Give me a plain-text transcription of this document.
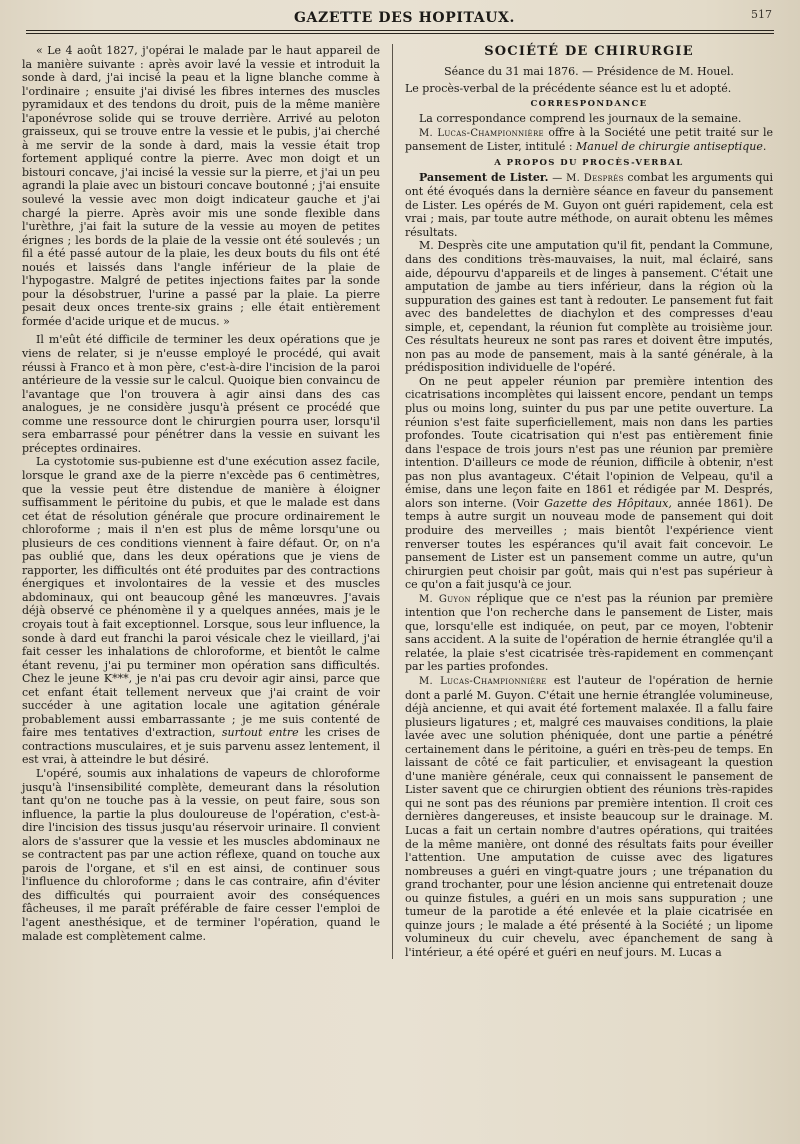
GAZETTE DES HOPITAUX.	517

« Le 4 août 1827, j'opérai le malade par le haut appareil de la manière suivante : après avoir lavé la vessie et introduit la sonde à dard, j'ai incisé la peau et la ligne blanche comme à l'ordinaire ; ensuite j'ai divisé les fibres internes des muscles pyramidaux et des tendons du droit, puis de la même manière l'aponévrose solide qui se trouve derrière. Arrivé au peloton graisseux, qui se trouve entre la vessie et le pubis, j'ai cherché à me servir de la sonde à dard, mais la vessie était trop fortement appliqué contre la pierre. Avec mon doigt et un bistouri concave, j'ai incisé la vessie sur la pierre, et j'ai un peu agrandi la plaie avec un bistouri concave boutonné ; j'ai ensuite soulevé la vessie avec mon doigt indicateur gauche et j'ai chargé la pierre. Après avoir mis une sonde flexible dans l'urèthre, j'ai fait la suture de la vessie au moyen de petites érignes ; les bords de la plaie de la vessie ont été soulevés ; un fil a été passé autour de la plaie, les deux bouts du fils ont été noués et laissés dans l'angle inférieur de la plaie de l'hypogastre. Malgré de petites injections faites par la sonde pour la désobstruer, l'urine a passé par la plaie. La pierre pesait deux onces trente-six grains ; elle était entièrement formée d'acide urique et de mucus. »

Il m'eût été difficile de terminer les deux opérations que je viens de relater, si je n'eusse employé le procédé, qui avait réussi à Franco et à mon père, c'est-à-dire l'incision de la paroi antérieure de la vessie sur le calcul. Quoique bien convaincu de l'avantage que l'on trouvera à agir ainsi dans des cas analogues, je ne considère jusqu'à présent ce procédé que comme une ressource dont le chirurgien pourra user, lorsqu'il sera embarrassé pour pénétrer dans la vessie en suivant les préceptes ordinaires.

La cystotomie sus-pubienne est d'une exécution assez facile, lorsque le grand axe de la pierre n'excède pas 6 centimètres, que la vessie peut être distendue de manière à éloigner suffisamment le péritoine du pubis, et que le malade est dans cet état de résolution générale que procure ordinairement le chloroforme ; mais il n'en est plus de même lorsqu'une ou plusieurs de ces conditions viennent à faire défaut. Or, on n'a pas oublié que, dans les deux opérations que je viens de rapporter, les difficultés ont été produites par des contractions énergiques et involontaires de la vessie et des muscles abdominaux, qui ont beaucoup gêné les manœuvres. J'avais déjà observé ce phénomène il y a quelques années, mais je le croyais tout à fait exceptionnel. Lorsque, sous leur influence, la sonde à dard eut franchi la paroi vésicale chez le vieillard, j'ai fait cesser les inhalations de chloroforme, et bientôt le calme étant revenu, j'ai pu terminer mon opération sans difficultés. Chez le jeune K***, je n'ai pas cru devoir agir ainsi, parce que cet enfant était tellement nerveux que j'ai craint de voir succéder à une agitation locale une agitation générale probablement aussi embarrassante ; je me suis contenté de faire mes tentatives d'extraction, surtout entre les crises de contractions musculaires, et je suis parvenu assez lentement, il est vrai, à atteindre le but désiré.

L'opéré, soumis aux inhalations de vapeurs de chloroforme jusqu'à l'insensibilité complète, demeurant dans la résolution tant qu'on ne touche pas à la vessie, on peut faire, sous son influence, la partie la plus douloureuse de l'opération, c'est-à-dire l'incision des tissus jusqu'au réservoir urinaire. Il convient alors de s'assurer que la vessie et les muscles abdominaux ne se contractent pas par une action réflexe, quand on touche aux parois de l'organe, et s'il en est ainsi, de continuer sous l'influence du chloroforme ; dans le cas contraire, afin d'éviter des difficultés qui pourraient avoir des conséquences fâcheuses, il me paraît préférable de faire cesser l'emploi de l'agent anesthésique, et de terminer l'opération, quand le malade est complètement calme.

SOCIÉTÉ DE CHIRURGIE
Séance du 31 mai 1876. — Présidence de M. Houel.

Le procès-verbal de la précédente séance est lu et adopté.

CORRESPONDANCE

La correspondance comprend les journaux de la semaine.

M. Lucas-Championnière offre à la Société une petit traité sur le pansement de Lister, intitulé : Manuel de chirurgie antiseptique.

A PROPOS DU PROCÈS-VERBAL

Pansement de Lister. — M. Desprès combat les arguments qui ont été évoqués dans la dernière séance en faveur du pansement de Lister. Les opérés de M. Guyon ont guéri rapidement, cela est vrai ; mais, par toute autre méthode, on aurait obtenu les mêmes résultats.

M. Desprès cite une amputation qu'il fit, pendant la Commune, dans des conditions très-mauvaises, la nuit, mal éclairé, sans aide, dépourvu d'appareils et de linges à pansement. C'était une amputation de jambe au tiers inférieur, dans la région où la suppuration des gaines est tant à redouter. Le pansement fut fait avec des bandelettes de diachylon et des compresses d'eau simple, et, cependant, la réunion fut complète au troisième jour. Ces résultats heureux ne sont pas rares et doivent être imputés, non pas au mode de pansement, mais à la santé générale, à la prédisposition individuelle de l'opéré.

On ne peut appeler réunion par première intention des cicatrisations incomplètes qui laissent encore, pendant un temps plus ou moins long, suinter du pus par une petite ouverture. La réunion s'est faite superficiellement, mais non dans les parties profondes. Toute cicatrisation qui n'est pas entièrement finie dans l'espace de trois jours n'est pas une réunion par première intention. D'ailleurs ce mode de réunion, difficile à obtenir, n'est pas non plus avantageux. C'était l'opinion de Velpeau, qu'il a émise, dans une leçon faite en 1861 et rédigée par M. Després, alors son interne. (Voir Gazette des Hôpitaux, année 1861). De temps à autre surgit un nouveau mode de pansement qui doit produire des merveilles ; mais bientôt l'expérience vient renverser toutes les espérances qu'il avait fait concevoir. Le pansement de Lister est un pansement comme un autre, qu'un chirurgien peut choisir par goût, mais qui n'est pas supérieur à ce qu'on a fait jusqu'à ce jour.

M. Guyon réplique que ce n'est pas la réunion par première intention que l'on recherche dans le pansement de Lister, mais que, lorsqu'elle est indiquée, on peut, par ce moyen, l'obtenir sans accident. A la suite de l'opération de hernie étranglée qu'il a relatée, la plaie s'est cicatrisée très-rapidement en commençant par les parties profondes.

M. Lucas-Championnière est l'auteur de l'opération de hernie dont a parlé M. Guyon. C'était une hernie étranglée volumineuse, déjà ancienne, et qui avait été fortement malaxée. Il a fallu faire plusieurs ligatures ; et, malgré ces mauvaises conditions, la plaie lavée avec une solution phéniquée, dont une partie a pénétré certainement dans le péritoine, a guéri en très-peu de temps. En laissant de côté ce fait particulier, et envisageant la question d'une manière générale, ceux qui connaissent le pansement de Lister savent que ce chirurgien obtient des réunions très-rapides qui ne sont pas des réunions par première intention. Il croit ces dernières dangereuses, et insiste beaucoup sur le drainage. M. Lucas a fait un certain nombre d'autres opérations, qui traitées de la même manière, ont donné des résultats faits pour éveiller l'attention. Une amputation de cuisse avec des ligatures nombreuses a guéri en vingt-quatre jours ; une trépanation du grand trochanter, pour une lésion ancienne qui entretenait douze ou quinze fistules, a guéri en un mois sans suppuration ; une tumeur de la parotide a été enlevée et la plaie cicatrisée en quinze jours ; le malade a été présenté à la Société ; un lipome volumineux du cuir chevelu, avec épanchement de sang à l'intérieur, a été opéré et guéri en neuf jours. M. Lucas a
